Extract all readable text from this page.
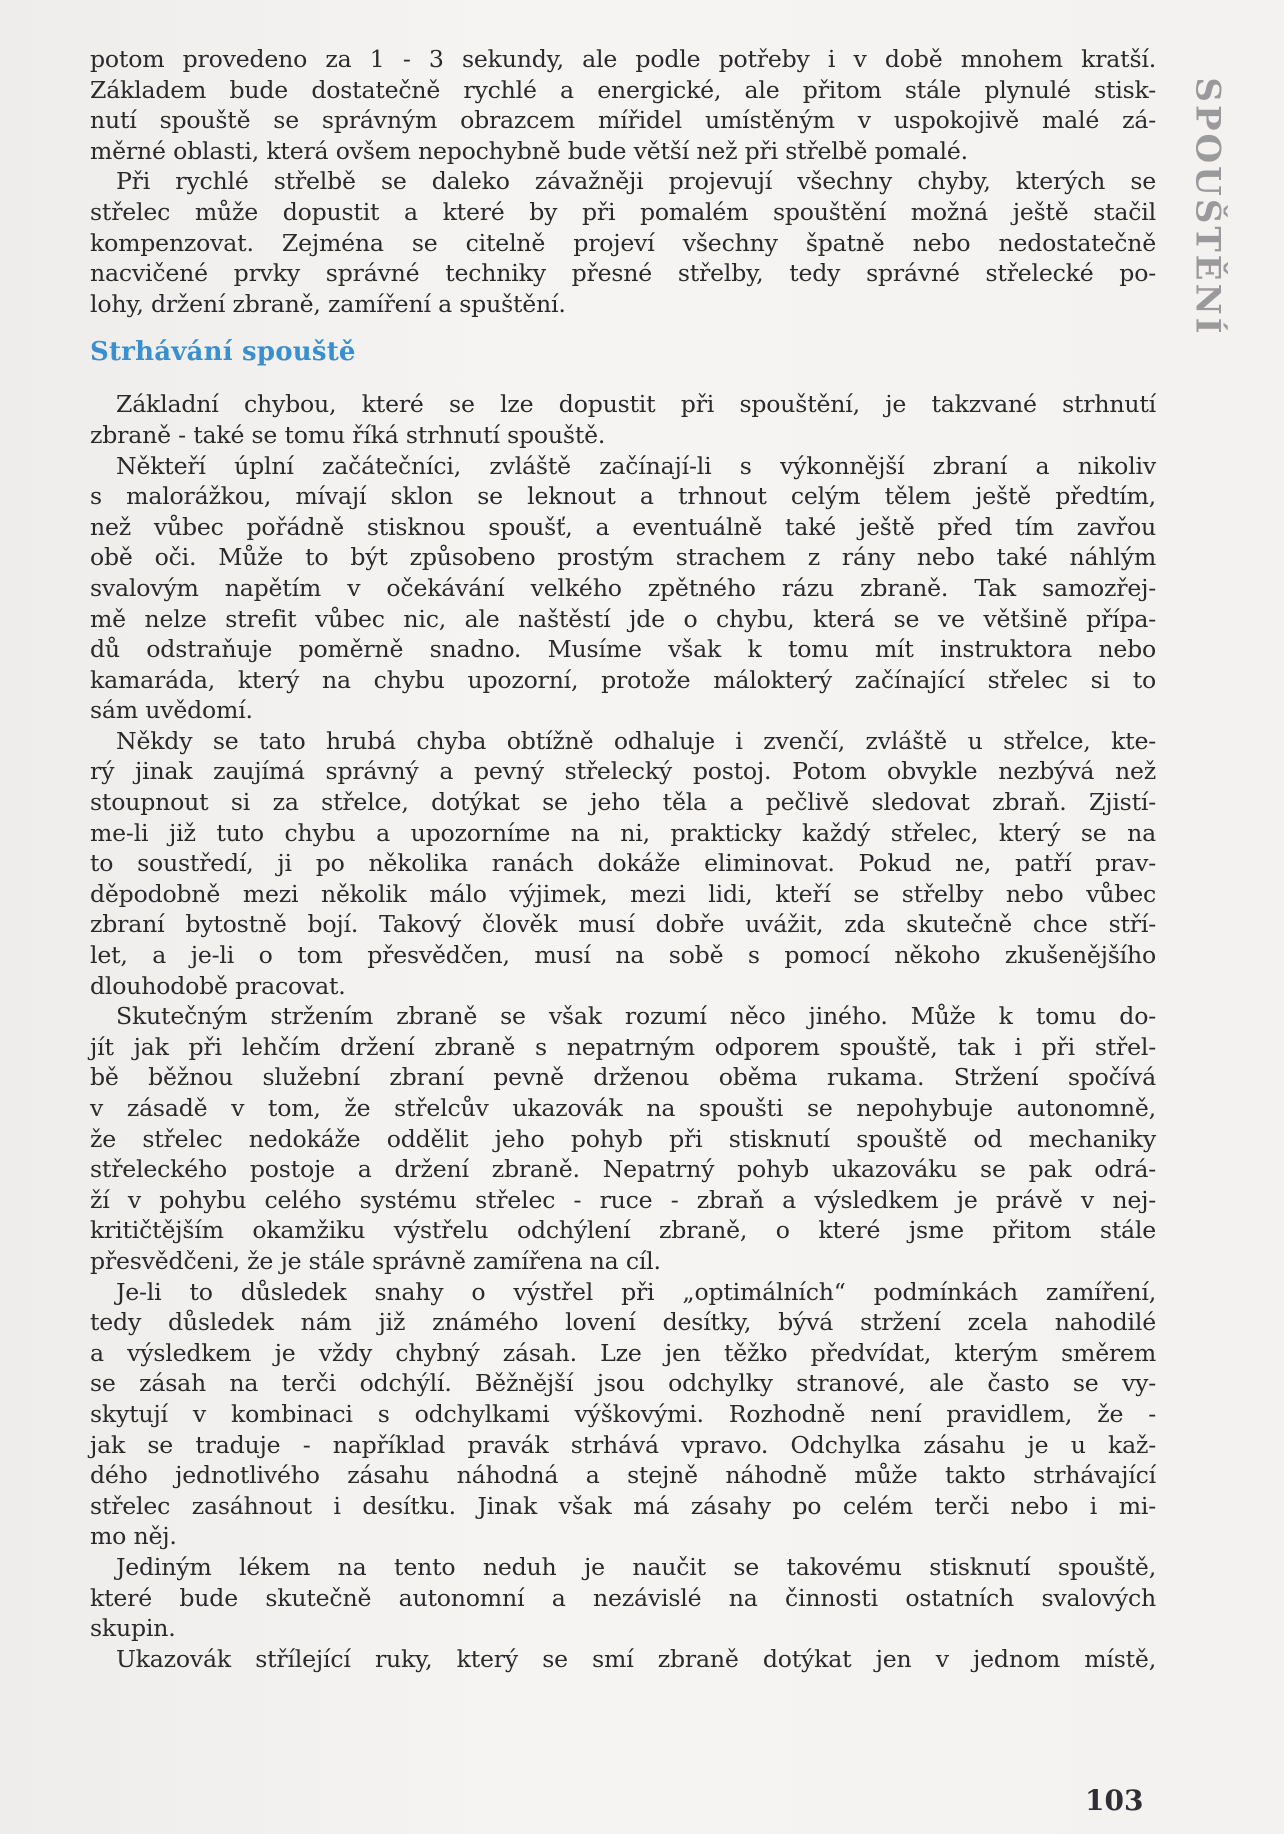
SPOUŠTĚNÍ
potom provedeno za 1 - 3 sekundy, ale podle potřeby i v době mnohem kratší.
Základem bude dostatečně rychlé a energické, ale přitom stále plynulé stisk-
nutí spouště se správným obrazcem mířidel umístěným v uspokojivě malé zá-
měrné oblasti, která ovšem nepochybně bude větší než při střelbě pomalé.
Při rychlé střelbě se daleko závažněji projevují všechny chyby, kterých se
střelec může dopustit a které by při pomalém spouštění možná ještě stačil
kompenzovat. Zejména se citelně projeví všechny špatně nebo nedostatečně
nacvičené prvky správné techniky přesné střelby, tedy správné střelecké po-
lohy, držení zbraně, zamíření a spuštění.
Strhávání spouště
Základní chybou, které se lze dopustit při spouštění, je takzvané strhnutí
zbraně - také se tomu říká strhnutí spouště.
Někteří úplní začátečníci, zvláště začínají-li s výkonnější zbraní a nikoliv
s malorážkou, mívají sklon se leknout a trhnout celým tělem ještě předtím,
než vůbec pořádně stisknou spoušť, a eventuálně také ještě před tím zavřou
obě oči. Může to být způsobeno prostým strachem z rány nebo také náhlým
svalovým napětím v očekávání velkého zpětného rázu zbraně. Tak samozřej-
mě nelze strefit vůbec nic, ale naštěstí jde o chybu, která se ve většině přípa-
dů odstraňuje poměrně snadno. Musíme však k tomu mít instruktora nebo
kamaráda, který na chybu upozorní, protože málokterý začínající střelec si to
sám uvědomí.
Někdy se tato hrubá chyba obtížně odhaluje i zvenčí, zvláště u střelce, kte-
rý jinak zaujímá správný a pevný střelecký postoj. Potom obvykle nezbývá než
stoupnout si za střelce, dotýkat se jeho těla a pečlivě sledovat zbraň. Zjistí-
me-li již tuto chybu a upozorníme na ni, prakticky každý střelec, který se na
to soustředí, ji po několika ranách dokáže eliminovat. Pokud ne, patří prav-
děpodobně mezi několik málo výjimek, mezi lidi, kteří se střelby nebo vůbec
zbraní bytostně bojí. Takový člověk musí dobře uvážit, zda skutečně chce stří-
let, a je-li o tom přesvědčen, musí na sobě s pomocí někoho zkušenějšího
dlouhodobě pracovat.
Skutečným stržením zbraně se však rozumí něco jiného. Může k tomu do-
jít jak při lehčím držení zbraně s nepatrným odporem spouště, tak i při střel-
bě běžnou služební zbraní pevně drženou oběma rukama. Stržení spočívá
v zásadě v tom, že střelcův ukazovák na spoušti se nepohybuje autonomně,
že střelec nedokáže oddělit jeho pohyb při stisknutí spouště od mechaniky
střeleckého postoje a držení zbraně. Nepatrný pohyb ukazováku se pak odrá-
ží v pohybu celého systému střelec - ruce - zbraň a výsledkem je právě v nej-
kritičtějším okamžiku výstřelu odchýlení zbraně, o které jsme přitom stále
přesvědčeni, že je stále správně zamířena na cíl.
Je-li to důsledek snahy o výstřel při „optimálních“ podmínkách zamíření,
tedy důsledek nám již známého lovení desítky, bývá stržení zcela nahodilé
a výsledkem je vždy chybný zásah. Lze jen těžko předvídat, kterým směrem
se zásah na terči odchýlí. Běžnější jsou odchylky stranové, ale často se vy-
skytují v kombinaci s odchylkami výškovými. Rozhodně není pravidlem, že -
jak se traduje - například pravák strhává vpravo. Odchylka zásahu je u kaž-
dého jednotlivého zásahu náhodná a stejně náhodně může takto strhávající
střelec zasáhnout i desítku. Jinak však má zásahy po celém terči nebo i mi-
mo něj.
Jediným lékem na tento neduh je naučit se takovému stisknutí spouště,
které bude skutečně autonomní a nezávislé na činnosti ostatních svalových
skupin.
Ukazovák střílející ruky, který se smí zbraně dotýkat jen v jednom místě,
103
